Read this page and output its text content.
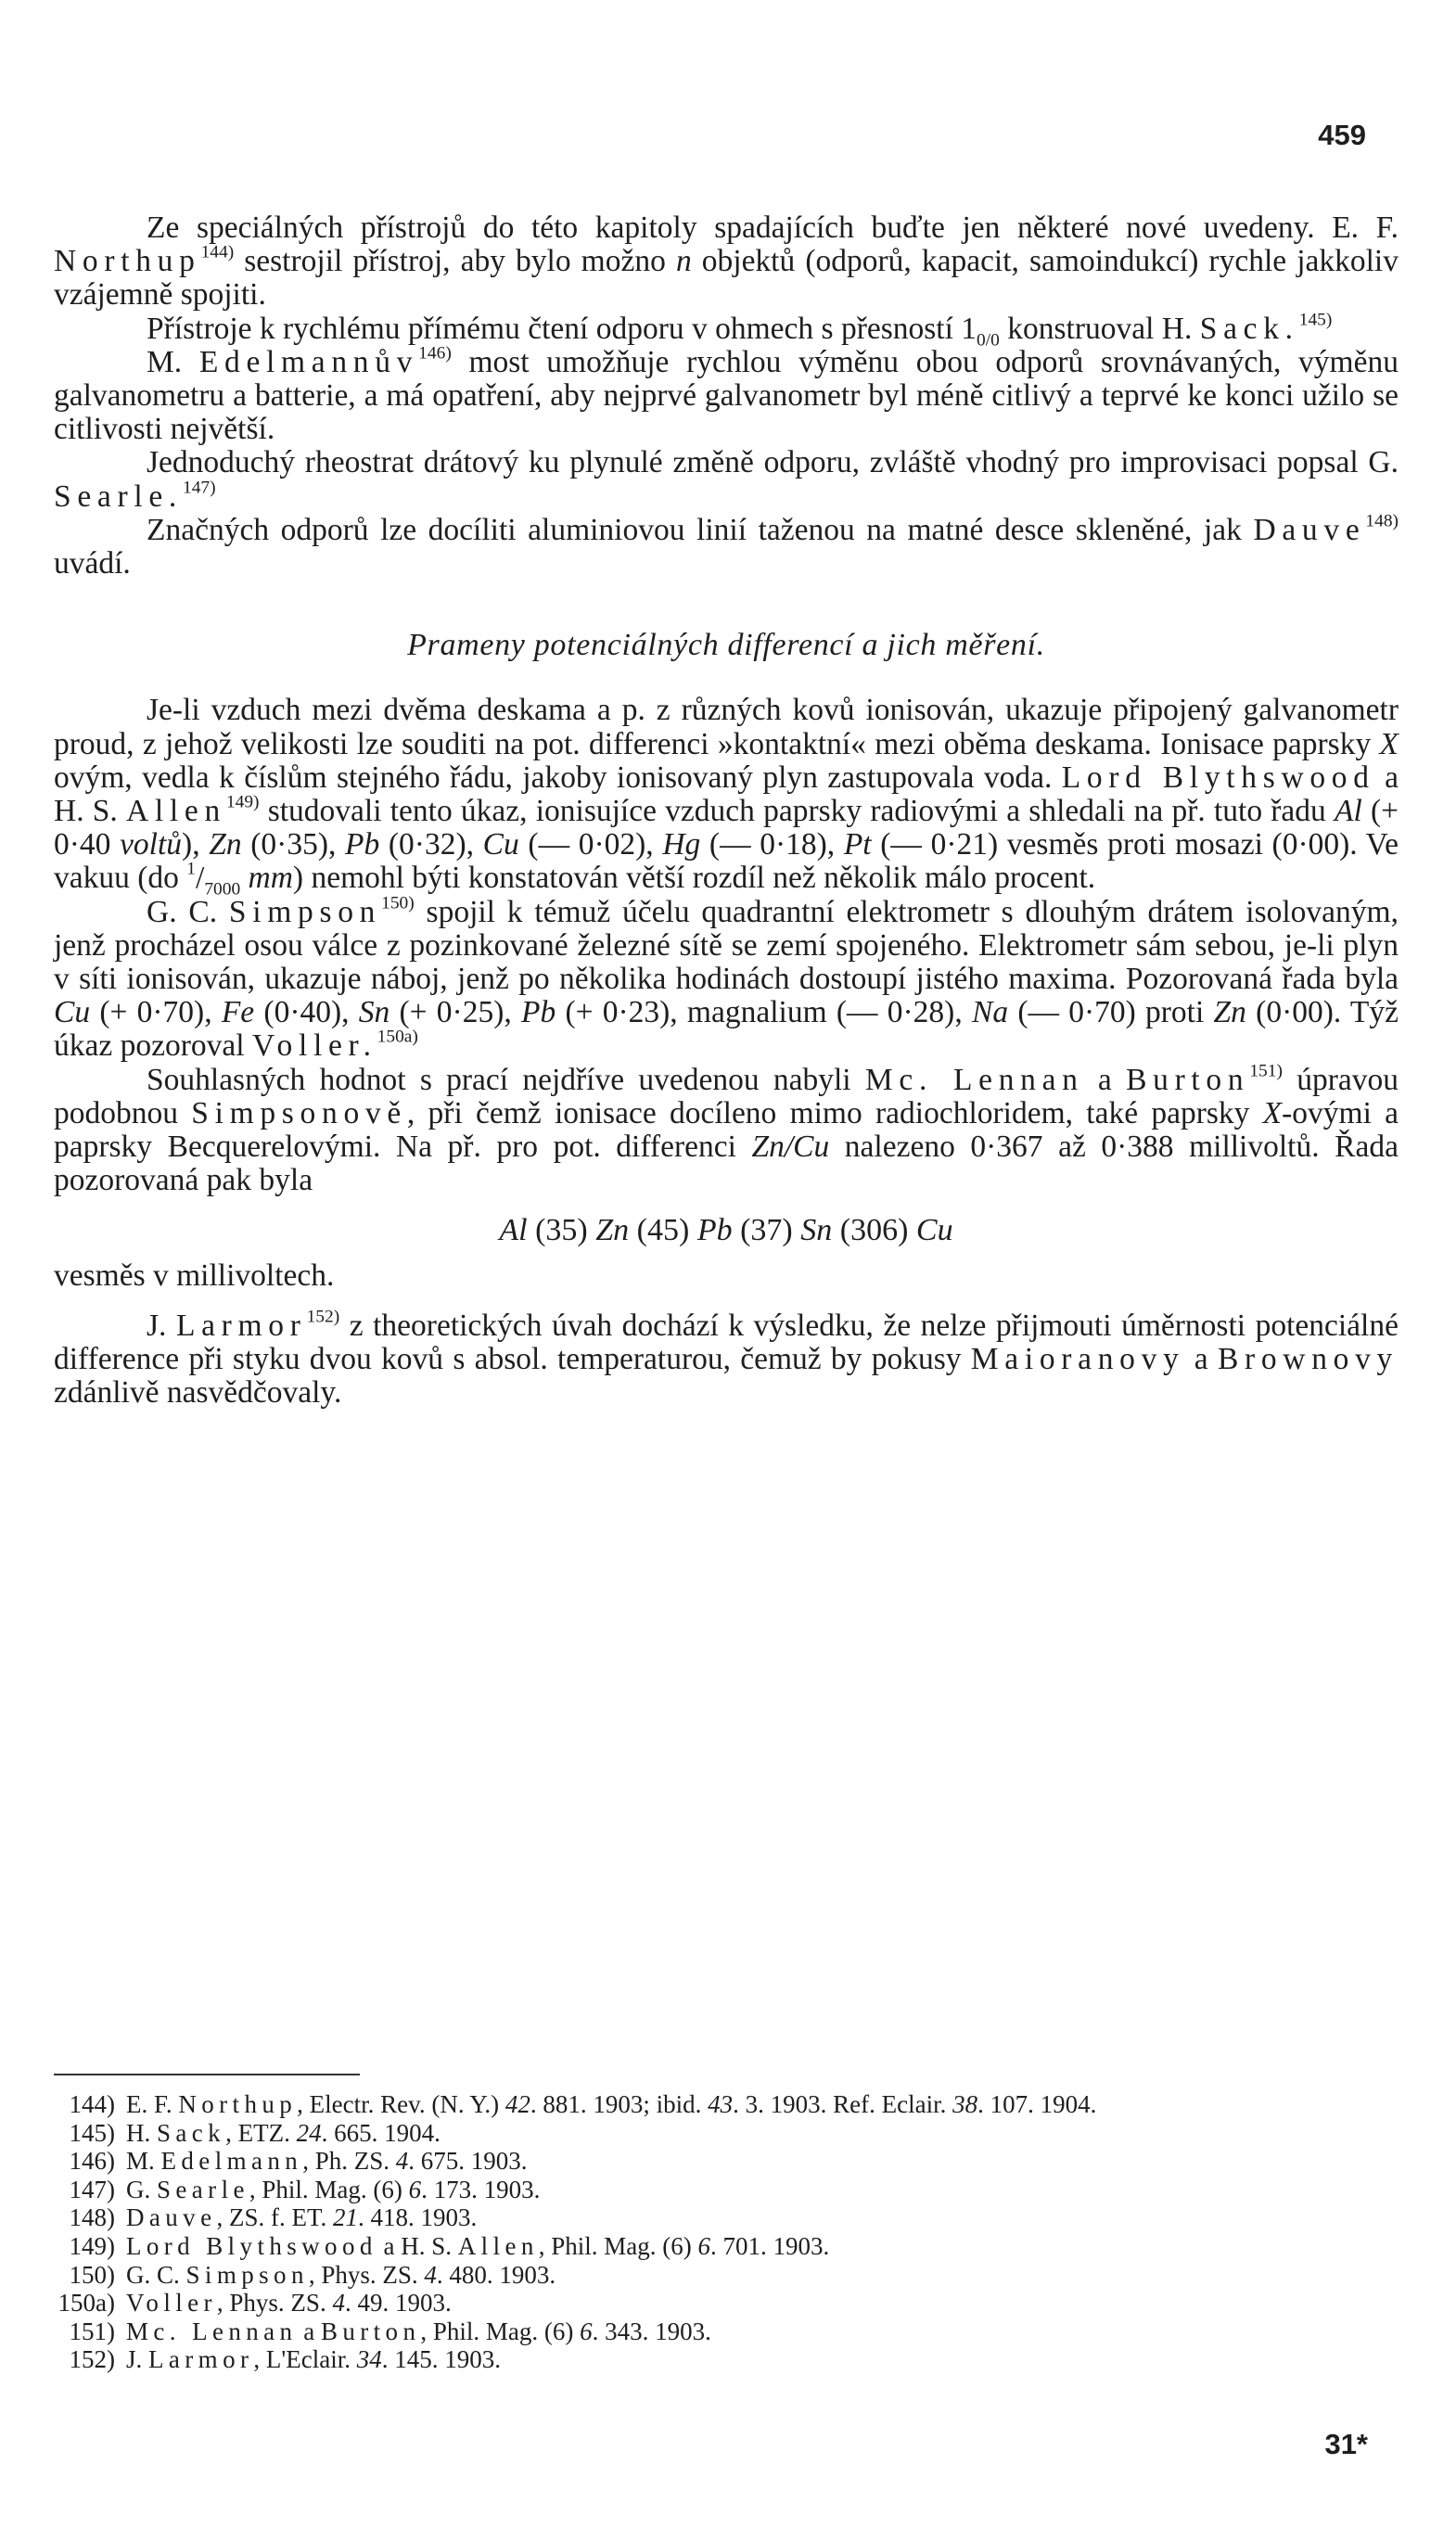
459

Ze speciálných přístrojů do této kapitoly spadajících buďte jen některé nové uvedeny. E. F. Northup$^{144)}$ sestrojil přístroj, aby bylo možno n objektů (odporů, kapacit, samoindukcí) rychle jakkoliv vzájemně spojiti.

Přístroje k rychlému přímému čtení odporu v ohmech s přesností $1_{0/0}$ konstruoval H. Sack.$^{145)}$

M. Edelmannův$^{146)}$ most umožňuje rychlou výměnu obou odporů srovnávaných, výměnu galvanometru a batterie, a má opatření, aby nejprvé galvanometr byl méně citlivý a teprvé ke konci užilo se citlivosti největší.

Jednoduchý rheostrat drátový ku plynulé změně odporu, zvláště vhodný pro improvisaci popsal G. Searle.$^{147)}$

Značných odporů lze docíliti aluminiovou linií taženou na matné desce skleněné, jak Dauve$^{148)}$ uvádí.

Prameny potenciálných differencí a jich měření.

Je-li vzduch mezi dvěma deskama a p. z různých kovů ionisován, ukazuje připojený galvanometr proud, z jehož velikosti lze souditi na pot. differenci »kontaktní« mezi oběma deskama. Ionisace paprsky X ovým, vedla k číslům stejného řádu, jakoby ionisovaný plyn zastupovala voda. Lord Blythswood a H. S. Allen$^{149)}$ studovali tento úkaz, ionisujíce vzduch paprsky radiovými a shledali na př. tuto řadu Al (+ 0·40 voltů), Zn (0·35), Pb (0·32), Cu (— 0·02), Hg (— 0·18), Pt (— 0·21) vesměs proti mosazi (0·00). Ve vakuu (do $^1/_{7000}$ mm) nemohl býti konstatován větší rozdíl než několik málo procent.

G. C. Simpson$^{150)}$ spojil k témuž účelu quadrantní elektrometr s dlouhým drátem isolovaným, jenž procházel osou válce z pozinkované železné sítě se zemí spojeného. Elektrometr sám sebou, je-li plyn v síti ionisován, ukazuje náboj, jenž po několika hodinách dostoupí jistého maxima. Pozorovaná řada byla Cu (+ 0·70), Fe (0·40), Sn (+ 0·25), Pb (+ 0·23), magnalium (— 0·28), Na (— 0·70) proti Zn (0·00). Týž úkaz pozoroval Voller.$^{150a)}$

Souhlasných hodnot s prací nejdříve uvedenou nabyli Mc. Lennan a Burton$^{151)}$ úpravou podobnou Simpsonově, při čemž ionisace docíleno mimo radiochloridem, také paprsky X-ovými a paprsky Becquerelovými. Na př. pro pot. differenci Zn/Cu nalezeno 0·367 až 0·388 millivoltů. Řada pozorovaná pak byla

Al (35) Zn (45) Pb (37) Sn (306) Cu

vesměs v millivoltech.

J. Larmor$^{152)}$ z theoretických úvah dochází k výsledku, že nelze přijmouti úměrnosti potenciálné difference při styku dvou kovů s absol. temperaturou, čemuž by pokusy Maioranovy a Brownovy zdánlivě nasvědčovaly.

144) E. F. Northup, Electr. Rev. (N. Y.) 42. 881. 1903; ibid. 43. 3. 1903. Ref. Eclair. 38. 107. 1904.

145) H. Sack, ETZ. 24. 665. 1904.

146) M. Edelmann, Ph. ZS. 4. 675. 1903.

147) G. Searle, Phil. Mag. (6) 6. 173. 1903.

148) Dauve, ZS. f. ET. 21. 418. 1903.

149) Lord Blythswood a H. S. Allen, Phil. Mag. (6) 6. 701. 1903.

150) G. C. Simpson, Phys. ZS. 4. 480. 1903.

150a) Voller, Phys. ZS. 4. 49. 1903.

151) Mc. Lennan a Burton, Phil. Mag. (6) 6. 343. 1903.

152) J. Larmor, L'Eclair. 34. 145. 1903.

31*
